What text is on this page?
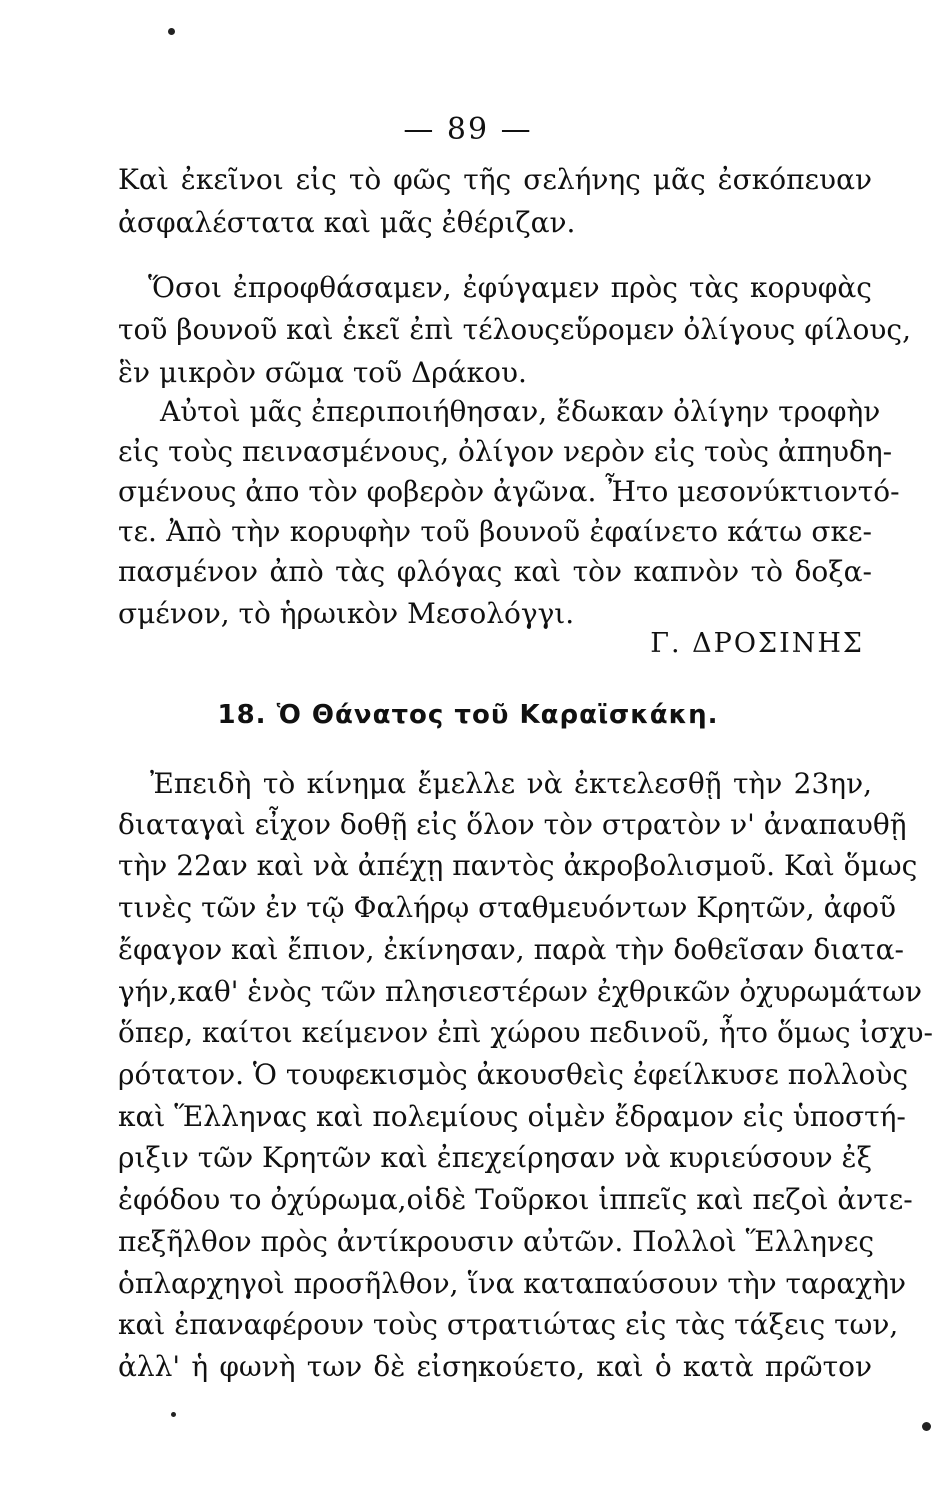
— 89 —
Καὶ ἐκεῖνοι εἰς τὸ φῶς τῆς σελήνης μᾶς ἐσκόπευαν
ἀσφαλέστατα καὶ μᾶς ἐθέριζαν.
Ὅσοι ἐπροφθάσαμεν, ἐφύγαμεν πρὸς τὰς κορυφὰς
τοῦ βουνοῦ καὶ ἐκεῖ ἐπὶ τέλουςεὕρομεν ὀλίγους φίλους,
ἓν μικρὸν σῶμα τοῦ Δράκου.
Αὐτοὶ μᾶς ἐπεριποιήθησαν, ἔδωκαν ὀλίγην τροφὴν
εἰς τοὺς πεινασμένους, ὀλίγον νερὸν εἰς τοὺς ἀπηυδη-
σμένους ἀπο τὸν φοβερὸν ἀγῶνα. Ἦτο μεσονύκτιοντό-
τε. Ἀπὸ τὴν κορυφὴν τοῦ βουνοῦ ἐφαίνετο κάτω σκε-
πασμένον ἀπὸ τὰς φλόγας καὶ τὸν καπνὸν τὸ δοξα-
σμένον, τὸ ἡρωικὸν Μεσολόγγι.
Γ. ΔΡΟΣΙΝΗΣ
18. Ὁ Θάνατος τοῦ Καραϊσκάκη.
Ἐπειδὴ τὸ κίνημα ἔμελλε νὰ ἐκτελεσθῇ τὴν 23ην,
διαταγαὶ εἶχον δοθῇ εἰς ὅλον τὸν στρατὸν ν' ἀναπαυθῇ
τὴν 22αν καὶ νὰ ἀπέχῃ παντὸς ἀκροβολισμοῦ. Καὶ ὅμως
τινὲς τῶν ἐν τῷ Φαλήρῳ σταθμευόντων Κρητῶν, ἀφοῦ
ἔφαγον καὶ ἔπιον, ἐκίνησαν, παρὰ τὴν δοθεῖσαν διατα-
γήν,καθ' ἑνὸς τῶν πλησιεστέρων ἐχθρικῶν ὀχυρωμάτων
ὅπερ, καίτοι κείμενον ἐπὶ χώρου πεδινοῦ, ἦτο ὅμως ἰσχυ-
ρότατον. Ὁ τουφεκισμὸς ἀκουσθεὶς ἐφείλκυσε πολλοὺς
καὶ Ἕλληνας καὶ πολεμίους οἱμὲν ἔδραμον εἰς ὑποστή-
ριξιν τῶν Κρητῶν καὶ ἐπεχείρησαν νὰ κυριεύσουν ἐξ
ἐφόδου το ὀχύρωμα,οἱδὲ Τοῦρκοι ἱππεῖς καὶ πεζοὶ ἀντε-
πεξῆλθον πρὸς ἀντίκρουσιν αὐτῶν. Πολλοὶ Ἕλληνες
ὁπλαρχηγοὶ προσῆλθον, ἵνα καταπαύσουν τὴν ταραχὴν
καὶ ἐπαναφέρουν τοὺς στρατιώτας εἰς τὰς τάξεις των,
ἀλλ' ἡ φωνὴ των δὲ εἰσηκούετο, καὶ ὁ κατὰ πρῶτον
